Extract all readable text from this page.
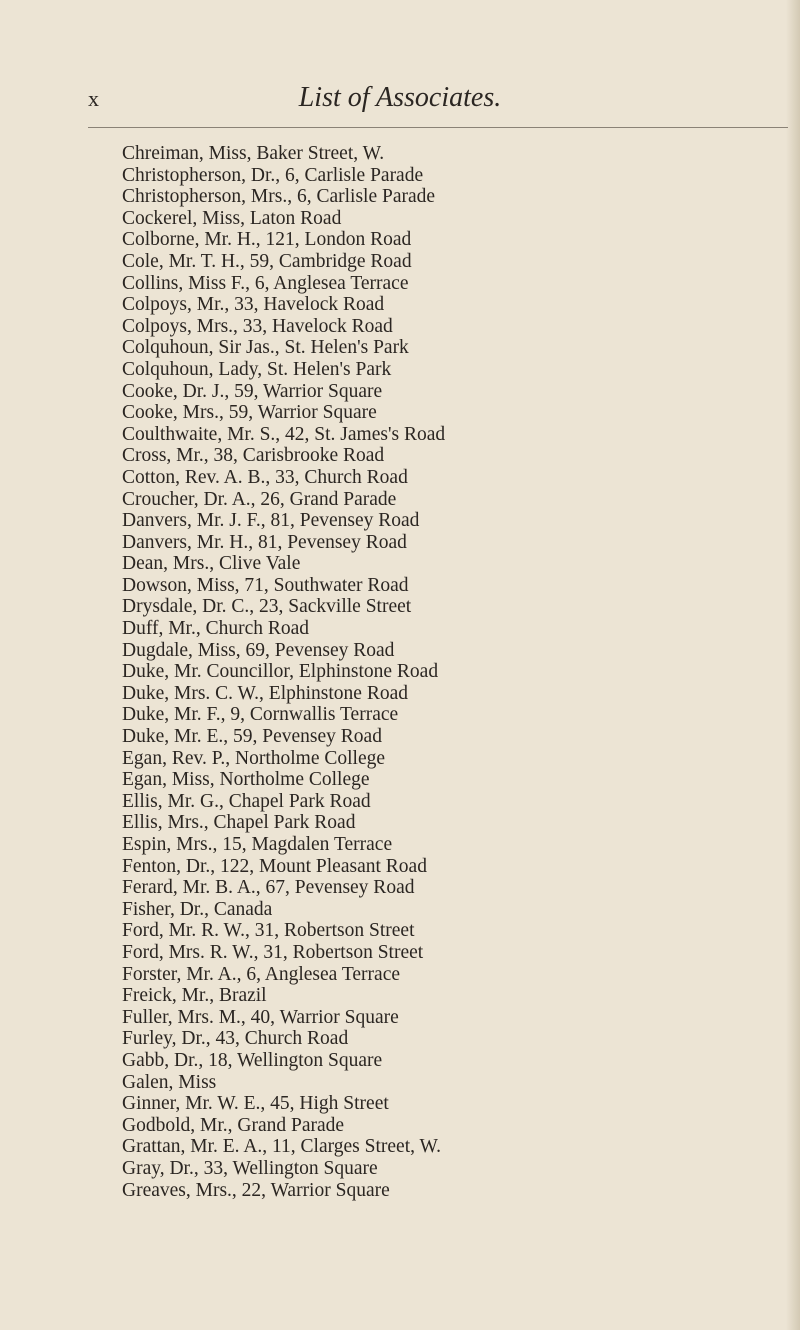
x	List of Associates.
Chreiman, Miss, Baker Street, W.
Christopherson, Dr., 6, Carlisle Parade
Christopherson, Mrs., 6, Carlisle Parade
Cockerel, Miss, Laton Road
Colborne, Mr. H., 121, London Road
Cole, Mr. T. H., 59, Cambridge Road
Collins, Miss F., 6, Anglesea Terrace
Colpoys, Mr., 33, Havelock Road
Colpoys, Mrs., 33, Havelock Road
Colquhoun, Sir Jas., St. Helen's Park
Colquhoun, Lady, St. Helen's Park
Cooke, Dr. J., 59, Warrior Square
Cooke, Mrs., 59, Warrior Square
Coulthwaite, Mr. S., 42, St. James's Road
Cross, Mr., 38, Carisbrooke Road
Cotton, Rev. A. B., 33, Church Road
Croucher, Dr. A., 26, Grand Parade
Danvers, Mr. J. F., 81, Pevensey Road
Danvers, Mr. H., 81, Pevensey Road
Dean, Mrs., Clive Vale
Dowson, Miss, 71, Southwater Road
Drysdale, Dr. C., 23, Sackville Street
Duff, Mr., Church Road
Dugdale, Miss, 69, Pevensey Road
Duke, Mr. Councillor, Elphinstone Road
Duke, Mrs. C. W., Elphinstone Road
Duke, Mr. F., 9, Cornwallis Terrace
Duke, Mr. E., 59, Pevensey Road
Egan, Rev. P., Northolme College
Egan, Miss, Northolme College
Ellis, Mr. G., Chapel Park Road
Ellis, Mrs., Chapel Park Road
Espin, Mrs., 15, Magdalen Terrace
Fenton, Dr., 122, Mount Pleasant Road
Ferard, Mr. B. A., 67, Pevensey Road
Fisher, Dr., Canada
Ford, Mr. R. W., 31, Robertson Street
Ford, Mrs. R. W., 31, Robertson Street
Forster, Mr. A., 6, Anglesea Terrace
Freick, Mr., Brazil
Fuller, Mrs. M., 40, Warrior Square
Furley, Dr., 43, Church Road
Gabb, Dr., 18, Wellington Square
Galen, Miss
Ginner, Mr. W. E., 45, High Street
Godbold, Mr., Grand Parade
Grattan, Mr. E. A., 11, Clarges Street, W.
Gray, Dr., 33, Wellington Square
Greaves, Mrs., 22, Warrior Square
